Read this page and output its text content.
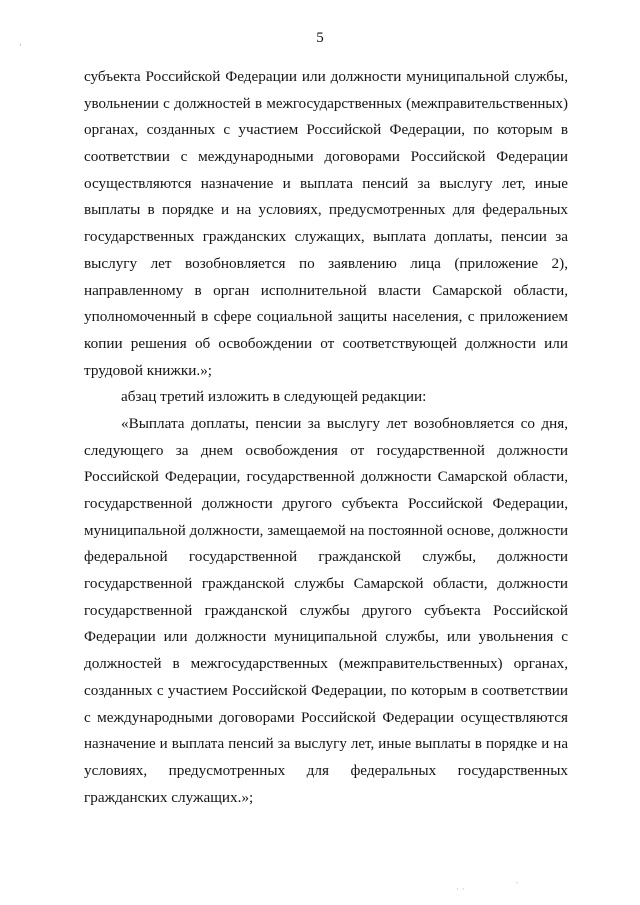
5
субъекта Российской Федерации или должности муниципальной службы,
увольнении с должностей в межгосударственных (межправительственных)
органах, созданных с участием Российской Федерации, по которым в
соответствии с международными договорами Российской Федерации
осуществляются назначение и выплата пенсий за выслугу лет, иные
выплаты в порядке и на условиях, предусмотренных для федеральных
государственных гражданских служащих, выплата доплаты, пенсии за
выслугу лет возобновляется по заявлению лица (приложение 2),
направленному в орган исполнительной власти Самарской области,
уполномоченный в сфере социальной защиты населения, с приложением
копии решения об освобождении от соответствующей должности или
трудовой книжки.»;
абзац третий изложить в следующей редакции:
«Выплата доплаты, пенсии за выслугу лет возобновляется со дня,
следующего за днем освобождения от государственной должности
Российской Федерации, государственной должности Самарской области,
государственной должности другого субъекта Российской Федерации,
муниципальной должности, замещаемой на постоянной основе, должности
федеральной государственной гражданской службы, должности
государственной гражданской службы Самарской области, должности
государственной гражданской службы другого субъекта Российской
Федерации или должности муниципальной службы, или увольнения с
должностей в межгосударственных (межправительственных) органах,
созданных с участием Российской Федерации, по которым в соответствии
с международными договорами Российской Федерации осуществляются
назначение и выплата пенсий за выслугу лет, иные выплаты в порядке и на
условиях, предусмотренных для федеральных государственных
гражданских служащих.»;
,
· ·	`
